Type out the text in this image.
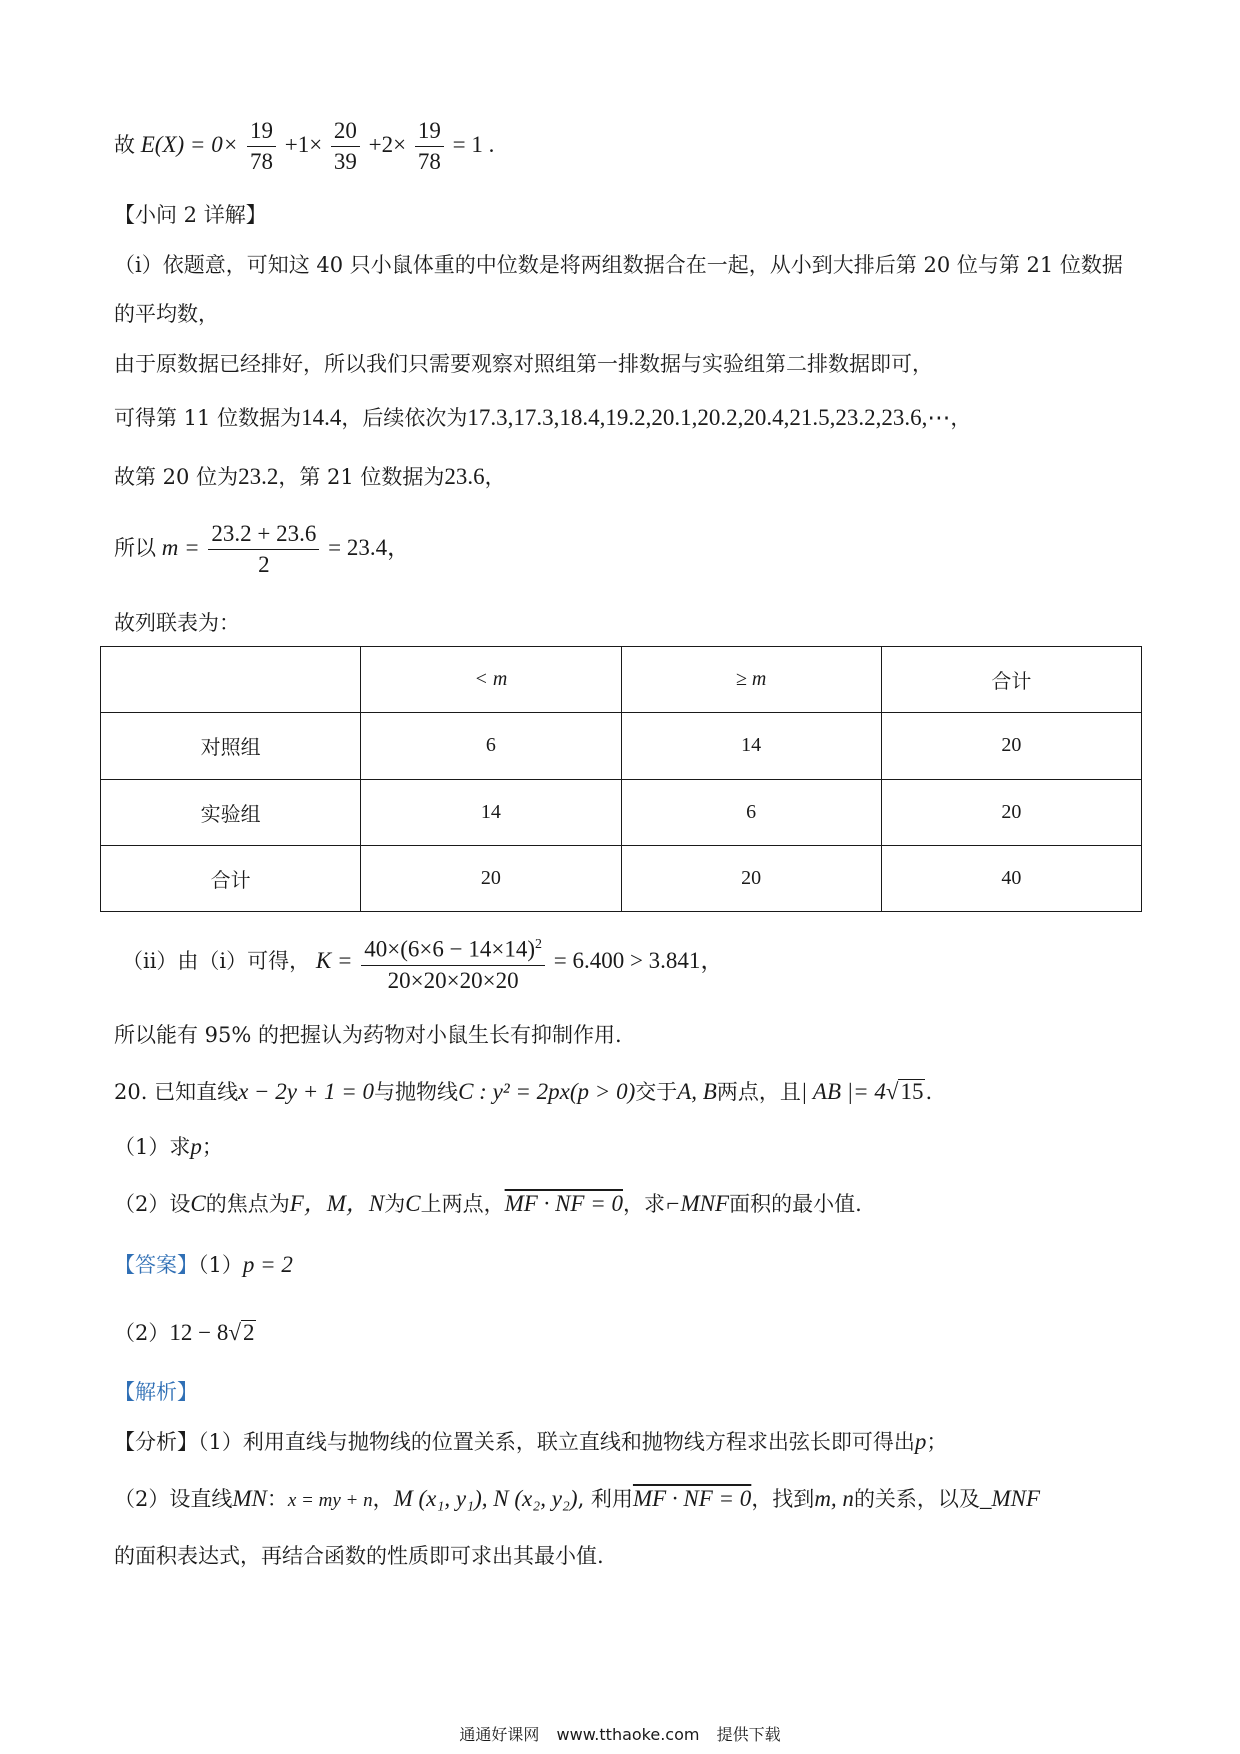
故 $E(X) = 0\times \frac{19}{78} +1\times \frac{20}{39} +2\times \frac{19}{78} = 1$ .
【小问 2 详解】
（i）依题意，可知这 40 只小鼠体重的中位数是将两组数据合在一起，从小到大排后第 20 位与第 21 位数据
的平均数，
由于原数据已经排好，所以我们只需要观察对照组第一排数据与实验组第二排数据即可，
可得第 11 位数据为14.4，后续依次为17.3,17.3,18.4,19.2,20.1,20.2,20.4,21.5,23.2,23.6,⋯，
故第 20 位为23.2，第 21 位数据为23.6，
所以 $m = \frac{23.2 + 23.6}{2} = 23.4$，
故列联表为：
	< m	≥ m	合计
对照组	6	14	20
实验组	14	6	20
合计	20	20	40
（ii）由（i）可得， $K = \frac{40\times(6\times 6 - 14\times 14)^2}{20\times 20\times 20\times 20} = 6.400 > 3.841$，
所以能有 95% 的把握认为药物对小鼠生长有抑制作用.
20. 已知直线x − 2y + 1 = 0与抛物线C : y² = 2px(p > 0)交于A, B两点，且| AB |= 4√15.
（1）求p；
（2）设C的焦点为F，M，N为C上两点，MF · NF = 0，求⌐MNF面积的最小值.
【答案】（1）p = 2
（2）12 − 8√2
【解析】
【分析】（1）利用直线与抛物线的位置关系，联立直线和抛物线方程求出弦长即可得出p；
（2）设直线MN：x = my + n，M (x₁, y₁), N (x₂, y₂), 利用MF · NF = 0，找到m, n的关系，以及_MNF
的面积表达式，再结合函数的性质即可求出其最小值.
通通好课网 www.tthaoke.com 提供下载
